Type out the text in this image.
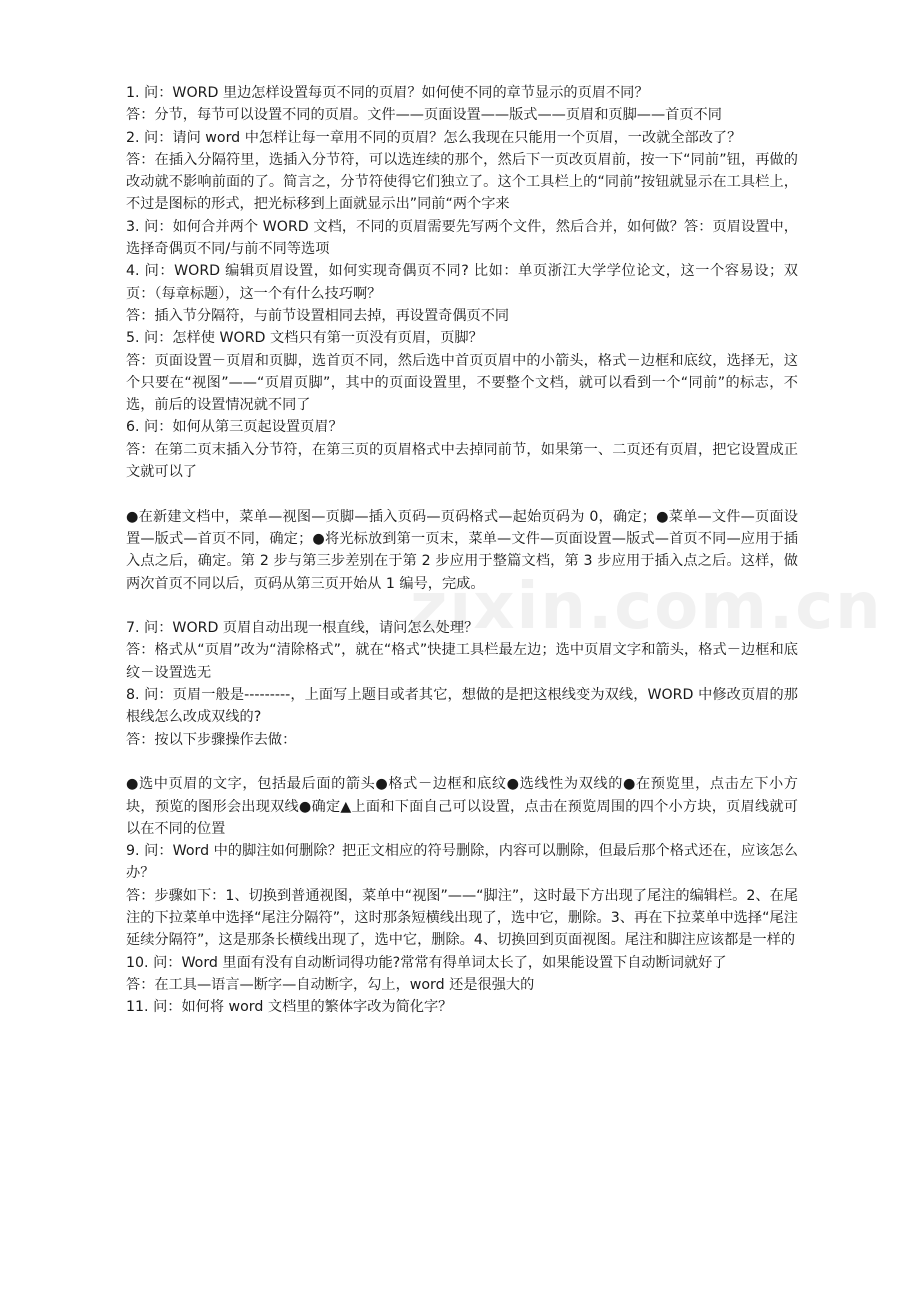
zixin.com.cn

1. 问：WORD 里边怎样设置每页不同的页眉？如何使不同的章节显示的页眉不同？

答：分节，每节可以设置不同的页眉。文件——页面设置——版式——页眉和页脚——首页不同

2. 问：请问 word 中怎样让每一章用不同的页眉？怎么我现在只能用一个页眉，一改就全部改了？

答：在插入分隔符里，选插入分节符，可以选连续的那个，然后下一页改页眉前，按一下“同前”钮，再做的改动就不影响前面的了。简言之，分节符使得它们独立了。这个工具栏上的“同前”按钮就显示在工具栏上，不过是图标的形式，把光标移到上面就显示出”同前“两个字来

3. 问：如何合并两个 WORD 文档，不同的页眉需要先写两个文件，然后合并，如何做？答：页眉设置中，选择奇偶页不同/与前不同等选项

4. 问：WORD 编辑页眉设置，如何实现奇偶页不同? 比如：单页浙江大学学位论文，这一个容易设；双页：（每章标题），这一个有什么技巧啊？

答：插入节分隔符，与前节设置相同去掉，再设置奇偶页不同

5. 问：怎样使 WORD 文档只有第一页没有页眉，页脚？

答：页面设置－页眉和页脚，选首页不同，然后选中首页页眉中的小箭头，格式－边框和底纹，选择无，这个只要在“视图”——“页眉页脚”，其中的页面设置里，不要整个文档，就可以看到一个“同前”的标志，不选，前后的设置情况就不同了

6. 问：如何从第三页起设置页眉？

答：在第二页末插入分节符，在第三页的页眉格式中去掉同前节，如果第一、二页还有页眉，把它设置成正文就可以了

●在新建文档中，菜单—视图—页脚—插入页码—页码格式—起始页码为 0，确定；●菜单—文件—页面设置—版式—首页不同，确定；●将光标放到第一页末，菜单—文件—页面设置—版式—首页不同—应用于插入点之后，确定。第 2 步与第三步差别在于第 2 步应用于整篇文档，第 3 步应用于插入点之后。这样，做两次首页不同以后，页码从第三页开始从 1 编号，完成。

7. 问：WORD 页眉自动出现一根直线，请问怎么处理？

答：格式从“页眉”改为“清除格式”，就在“格式”快捷工具栏最左边；选中页眉文字和箭头，格式－边框和底纹－设置选无

8. 问：页眉一般是---------，上面写上题目或者其它，想做的是把这根线变为双线，WORD 中修改页眉的那根线怎么改成双线的?

答：按以下步骤操作去做：

●选中页眉的文字，包括最后面的箭头●格式－边框和底纹●选线性为双线的●在预览里，点击左下小方块，预览的图形会出现双线●确定▲上面和下面自己可以设置，点击在预览周围的四个小方块，页眉线就可以在不同的位置

9. 问：Word 中的脚注如何删除？把正文相应的符号删除，内容可以删除，但最后那个格式还在，应该怎么办？

答：步骤如下：1、切换到普通视图，菜单中“视图”——“脚注”，这时最下方出现了尾注的编辑栏。2、在尾注的下拉菜单中选择“尾注分隔符”，这时那条短横线出现了，选中它，删除。3、再在下拉菜单中选择“尾注延续分隔符”，这是那条长横线出现了，选中它，删除。4、切换回到页面视图。尾注和脚注应该都是一样的

10. 问：Word 里面有没有自动断词得功能?常常有得单词太长了，如果能设置下自动断词就好了

答：在工具—语言—断字—自动断字，勾上，word 还是很强大的

11. 问：如何将 word 文档里的繁体字改为简化字？
